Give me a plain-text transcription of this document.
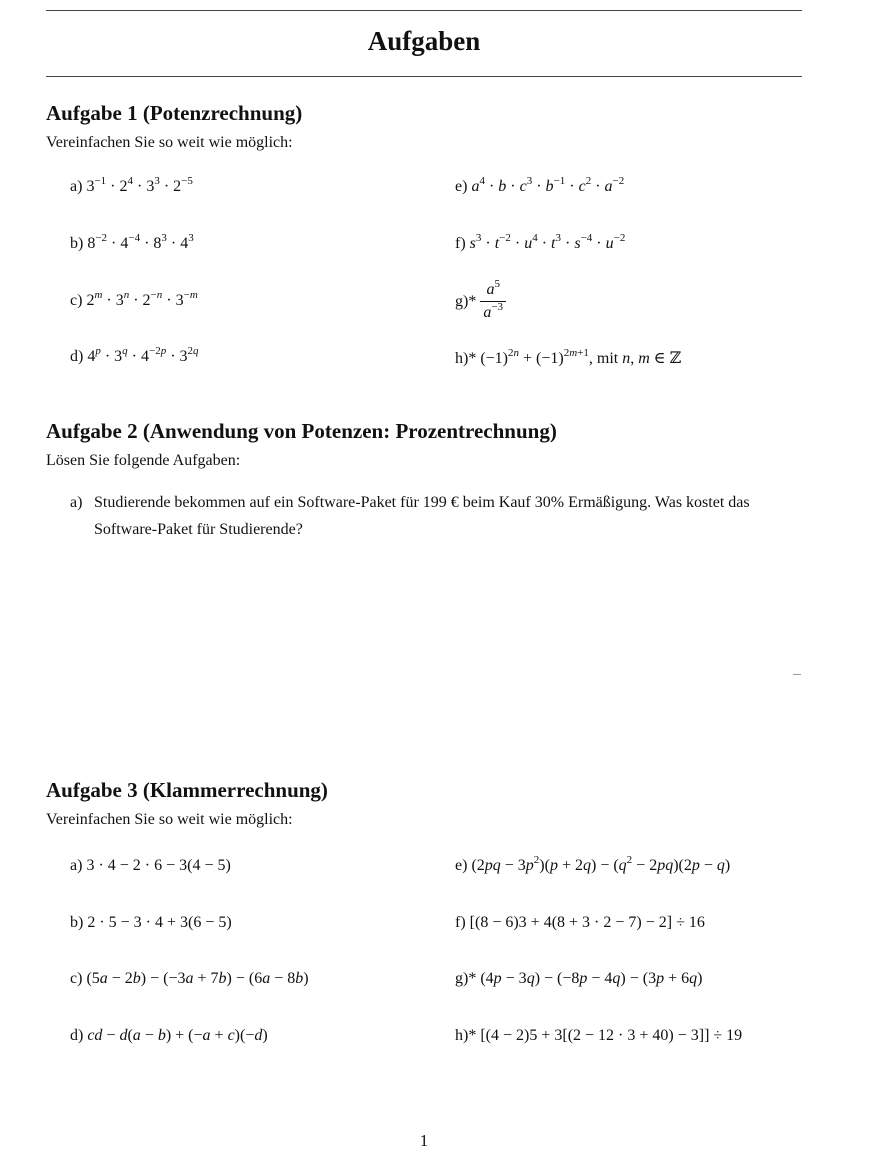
Aufgaben
Aufgabe 1 (Potenzrechnung)
Vereinfachen Sie so weit wie möglich:
a) $3^{-1} \cdot 2^4 \cdot 3^3 \cdot 2^{-5}$
b) $8^{-2} \cdot 4^{-4} \cdot 8^3 \cdot 4^3$
c) $2^m \cdot 3^n \cdot 2^{-n} \cdot 3^{-m}$
d) $4^p \cdot 3^q \cdot 4^{-2p} \cdot 3^{2q}$
e) $a^4 \cdot b \cdot c^3 \cdot b^{-1} \cdot c^2 \cdot a^{-2}$
f) $s^3 \cdot t^{-2} \cdot u^4 \cdot t^3 \cdot s^{-4} \cdot u^{-2}$
$g)* \frac{a^5}{a^{-3}}$
h)* $(-1)^{2n} + (-1)^{2m+1}$, mit n, m ∈ ℤ
Aufgabe 2 (Anwendung von Potenzen: Prozentrechnung)
Lösen Sie folgende Aufgaben:
a) Studierende bekommen auf ein Software-Paket für 199 € beim Kauf 30% Ermäßigung. Was kostet das Software-Paket für Studierende?
Aufgabe 3 (Klammerrechnung)
Vereinfachen Sie so weit wie möglich:
a) 3 · 4 − 2 · 6 − 3(4 − 5)
b) 2 · 5 − 3 · 4 + 3(6 − 5)
c) (5a − 2b) − (−3a + 7b) − (6a − 8b)
d) cd − d(a − b) + (−a + c)(−d)
e) $(2pq - 3p^2)(p + 2q) - (q^2 - 2pq)(2p - q)$
f) [(8 − 6)3 + 4(8 + 3 · 2 − 7) − 2] ÷ 16
g)* (4p − 3q) − (−8p − 4q) − (3p + 6q)
h)* [(4 − 2)5 + 3[(2 − 12 · 3 + 40) − 3]] ÷ 19
1
